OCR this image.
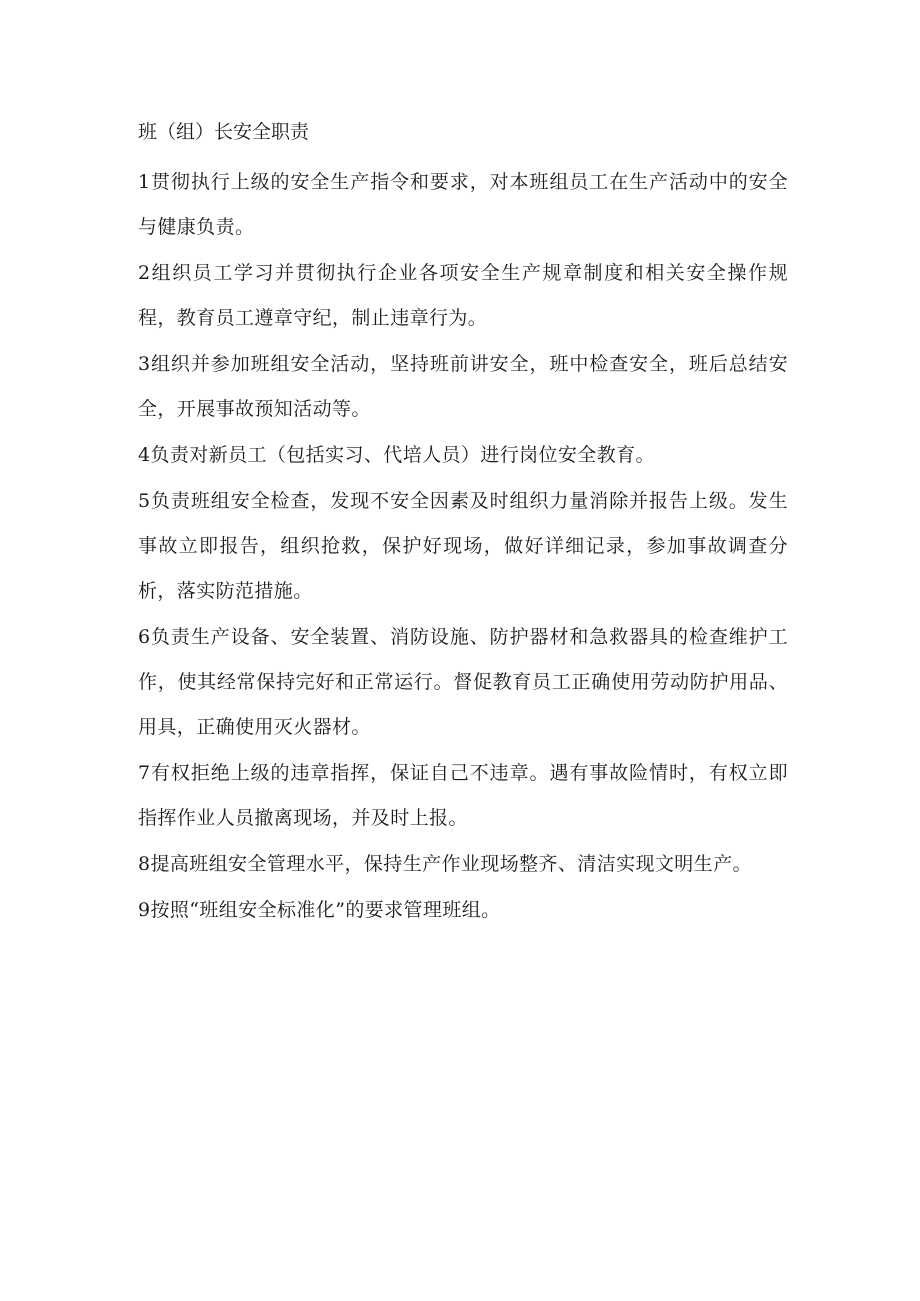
班（组）长安全职责

1贯彻执行上级的安全生产指令和要求，对本班组员工在生产活动中的安全与健康负责。

2组织员工学习并贯彻执行企业各项安全生产规章制度和相关安全操作规程，教育员工遵章守纪，制止违章行为。

3组织并参加班组安全活动，坚持班前讲安全，班中检查安全，班后总结安全，开展事故预知活动等。

4负责对新员工（包括实习、代培人员）进行岗位安全教育。

5负责班组安全检查，发现不安全因素及时组织力量消除并报告上级。发生事故立即报告，组织抢救，保护好现场，做好详细记录，参加事故调查分析，落实防范措施。

6负责生产设备、安全装置、消防设施、防护器材和急救器具的检查维护工作，使其经常保持完好和正常运行。督促教育员工正确使用劳动防护用品、用具，正确使用灭火器材。

7有权拒绝上级的违章指挥，保证自己不违章。遇有事故险情时，有权立即指挥作业人员撤离现场，并及时上报。

8提高班组安全管理水平，保持生产作业现场整齐、清洁实现文明生产。

9按照“班组安全标准化”的要求管理班组。
